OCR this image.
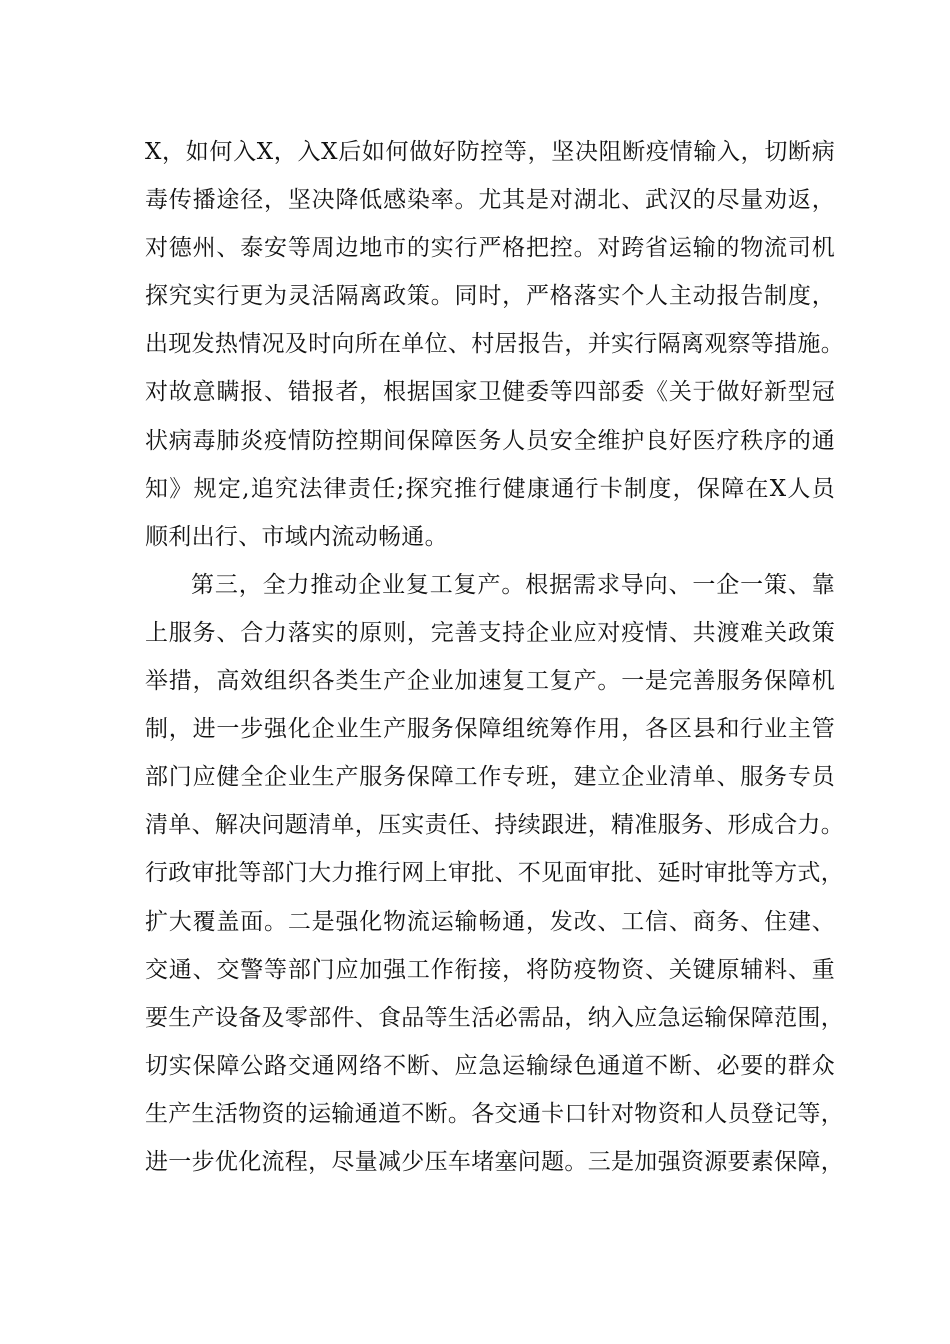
X，如何入X，入X后如何做好防控等，坚决阻断疫情输入，切断病
毒传播途径，坚决降低感染率。尤其是对湖北、武汉的尽量劝返，
对德州、泰安等周边地市的实行严格把控。对跨省运输的物流司机
探究实行更为灵活隔离政策。同时，严格落实个人主动报告制度，
出现发热情况及时向所在单位、村居报告，并实行隔离观察等措施。
对故意瞒报、错报者，根据国家卫健委等四部委《关于做好新型冠
状病毒肺炎疫情防控期间保障医务人员安全维护良好医疗秩序的通
知》规定,追究法律责任;探究推行健康通行卡制度，保障在X人员
顺利出行、市域内流动畅通。
第三，全力推动企业复工复产。根据需求导向、一企一策、靠
上服务、合力落实的原则，完善支持企业应对疫情、共渡难关政策
举措，高效组织各类生产企业加速复工复产。一是完善服务保障机
制，进一步强化企业生产服务保障组统筹作用，各区县和行业主管
部门应健全企业生产服务保障工作专班，建立企业清单、服务专员
清单、解决问题清单，压实责任、持续跟进，精准服务、形成合力。
行政审批等部门大力推行网上审批、不见面审批、延时审批等方式，
扩大覆盖面。二是强化物流运输畅通，发改、工信、商务、住建、
交通、交警等部门应加强工作衔接，将防疫物资、关键原辅料、重
要生产设备及零部件、食品等生活必需品，纳入应急运输保障范围，
切实保障公路交通网络不断、应急运输绿色通道不断、必要的群众
生产生活物资的运输通道不断。各交通卡口针对物资和人员登记等，
进一步优化流程，尽量减少压车堵塞问题。三是加强资源要素保障，
